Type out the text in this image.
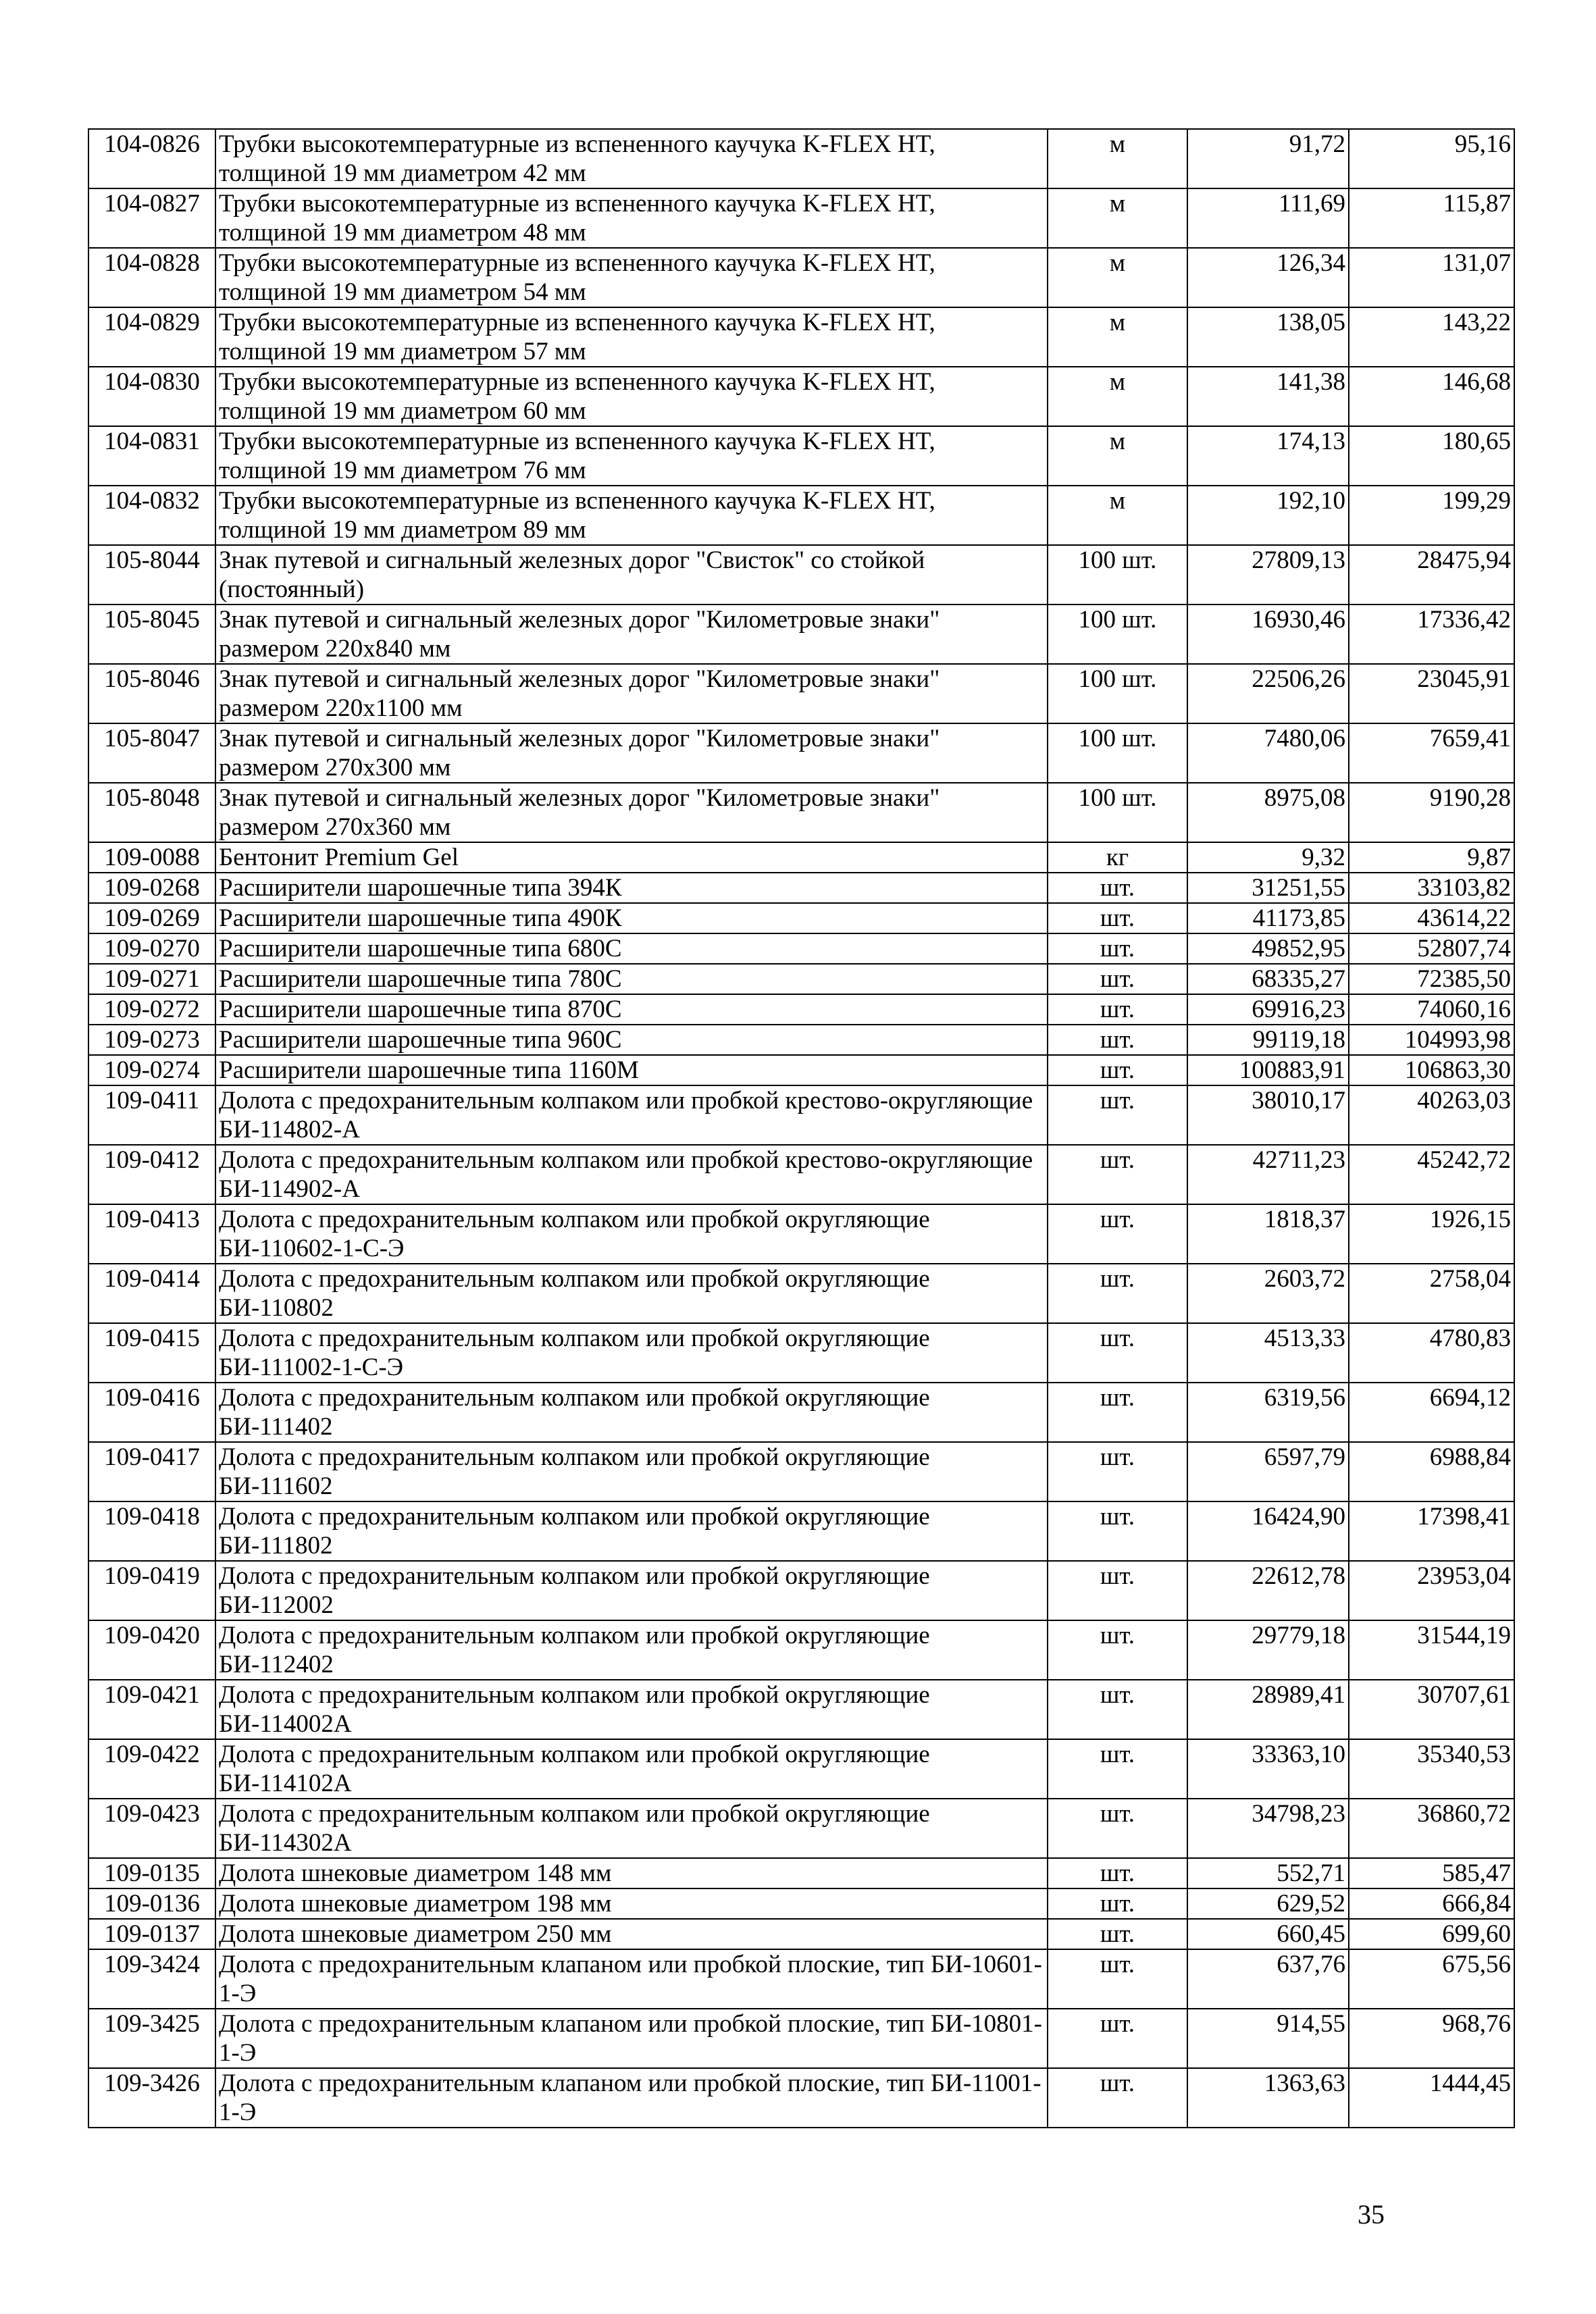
104-0826	Трубки высокотемпературные из вспененного каучука K-FLEX HT, толщиной 19 мм диаметром 42 мм	м	91,72	95,16
104-0827	Трубки высокотемпературные из вспененного каучука K-FLEX HT, толщиной 19 мм диаметром 48 мм	м	111,69	115,87
104-0828	Трубки высокотемпературные из вспененного каучука K-FLEX HT, толщиной 19 мм диаметром 54 мм	м	126,34	131,07
104-0829	Трубки высокотемпературные из вспененного каучука K-FLEX HT, толщиной 19 мм диаметром 57 мм	м	138,05	143,22
104-0830	Трубки высокотемпературные из вспененного каучука K-FLEX HT, толщиной 19 мм диаметром 60 мм	м	141,38	146,68
104-0831	Трубки высокотемпературные из вспененного каучука K-FLEX HT, толщиной 19 мм диаметром 76 мм	м	174,13	180,65
104-0832	Трубки высокотемпературные из вспененного каучука K-FLEX HT, толщиной 19 мм диаметром 89 мм	м	192,10	199,29
105-8044	Знак путевой и сигнальный железных дорог "Свисток" со стойкой (постоянный)	100 шт.	27809,13	28475,94
105-8045	Знак путевой и сигнальный железных дорог "Километровые знаки" размером 220х840 мм	100 шт.	16930,46	17336,42
105-8046	Знак путевой и сигнальный железных дорог "Километровые знаки" размером 220х1100 мм	100 шт.	22506,26	23045,91
105-8047	Знак путевой и сигнальный железных дорог "Километровые знаки" размером 270х300 мм	100 шт.	7480,06	7659,41
105-8048	Знак путевой и сигнальный железных дорог "Километровые знаки" размером 270х360 мм	100 шт.	8975,08	9190,28
109-0088	Бентонит Premium Gel	кг	9,32	9,87
109-0268	Расширители шарошечные типа 394К	шт.	31251,55	33103,82
109-0269	Расширители шарошечные типа 490К	шт.	41173,85	43614,22
109-0270	Расширители шарошечные типа 680С	шт.	49852,95	52807,74
109-0271	Расширители шарошечные типа 780С	шт.	68335,27	72385,50
109-0272	Расширители шарошечные типа 870С	шт.	69916,23	74060,16
109-0273	Расширители шарошечные типа 960С	шт.	99119,18	104993,98
109-0274	Расширители шарошечные типа 1160М	шт.	100883,91	106863,30
109-0411	Долота с предохранительным колпаком или пробкой крестово-округляющие БИ-114802-А	шт.	38010,17	40263,03
109-0412	Долота с предохранительным колпаком или пробкой крестово-округляющие БИ-114902-А	шт.	42711,23	45242,72
109-0413	Долота с предохранительным колпаком или пробкой округляющие БИ-110602-1-С-Э	шт.	1818,37	1926,15
109-0414	Долота с предохранительным колпаком или пробкой округляющие БИ-110802	шт.	2603,72	2758,04
109-0415	Долота с предохранительным колпаком или пробкой округляющие БИ-111002-1-С-Э	шт.	4513,33	4780,83
109-0416	Долота с предохранительным колпаком или пробкой округляющие БИ-111402	шт.	6319,56	6694,12
109-0417	Долота с предохранительным колпаком или пробкой округляющие БИ-111602	шт.	6597,79	6988,84
109-0418	Долота с предохранительным колпаком или пробкой округляющие БИ-111802	шт.	16424,90	17398,41
109-0419	Долота с предохранительным колпаком или пробкой округляющие БИ-112002	шт.	22612,78	23953,04
109-0420	Долота с предохранительным колпаком или пробкой округляющие БИ-112402	шт.	29779,18	31544,19
109-0421	Долота с предохранительным колпаком или пробкой округляющие БИ-114002А	шт.	28989,41	30707,61
109-0422	Долота с предохранительным колпаком или пробкой округляющие БИ-114102А	шт.	33363,10	35340,53
109-0423	Долота с предохранительным колпаком или пробкой округляющие БИ-114302А	шт.	34798,23	36860,72
109-0135	Долота шнековые диаметром 148 мм	шт.	552,71	585,47
109-0136	Долота шнековые диаметром 198 мм	шт.	629,52	666,84
109-0137	Долота шнековые диаметром 250 мм	шт.	660,45	699,60
109-3424	Долота с предохранительным клапаном или пробкой плоские, тип БИ-10601-1-Э	шт.	637,76	675,56
109-3425	Долота с предохранительным клапаном или пробкой плоские, тип БИ-10801-1-Э	шт.	914,55	968,76
109-3426	Долота с предохранительным клапаном или пробкой плоские, тип БИ-11001-1-Э	шт.	1363,63	1444,45
35
